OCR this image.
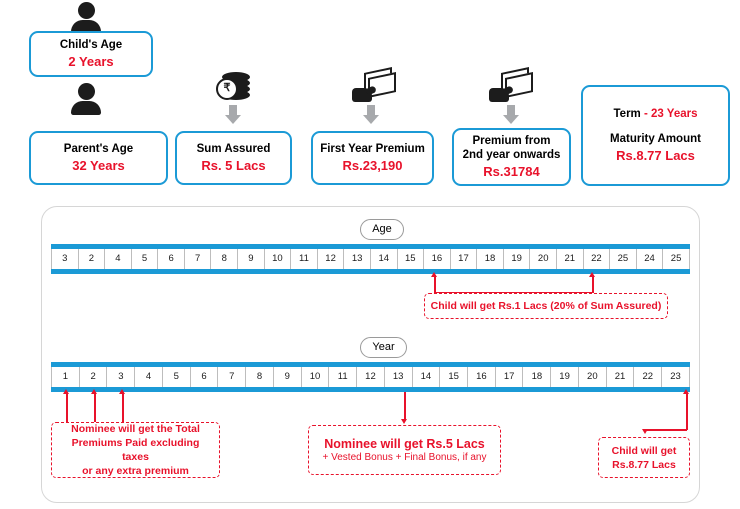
Child's Age
2 Years
Parent's Age
32 Years
₹
Sum Assured
Rs. 5 Lacs
First Year Premium
Rs.23,190
Premium from
2nd year onwards
Rs.31784
Term - 23 Years
Maturity Amount
Rs.8.77 Lacs
Age
3	2	4	5	6	7	8	9	10	11	12	13	14	15	16	17	18	19	20	21	22	25	24	25
Child will get Rs.1 Lacs (20% of Sum Assured)
Year
1	2	3	4	5	6	7	8	9	10	11	12	13	14	15	16	17	18	19	20	21	22	23
Nominee will get the Total
Premiums Paid excluding taxes
or any extra premium
Nominee will get Rs.5 Lacs
+ Vested Bonus + Final Bonus, if any
Child will get
Rs.8.77 Lacs
